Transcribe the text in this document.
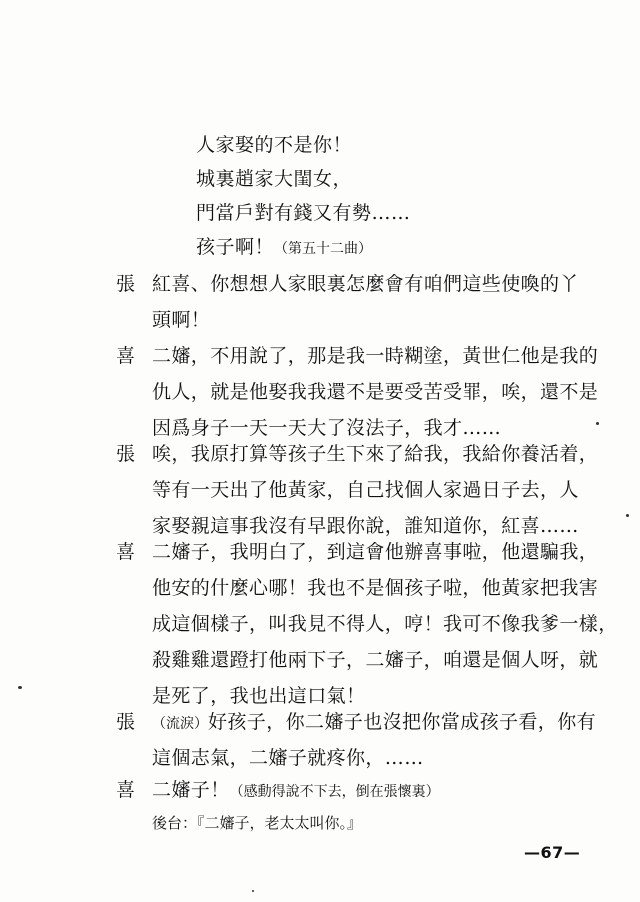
人家娶的不是你！
城裏趙家大閨女，
門當戶對有錢又有勢……
孩子啊！（第五十二曲）
張 紅喜、你想想人家眼裏怎麼會有咱們這些使喚的丫
頭啊！
喜 二嬸，不用說了，那是我一時糊塗，黃世仁他是我的
仇人，就是他娶我我還不是要受苦受罪，唉，還不是
因爲身子一天一天大了沒法子，我才……
張 唉，我原打算等孩子生下來了給我，我給你養活着，
等有一天出了他黃家，自己找個人家過日子去，人
家娶親這事我沒有早跟你說，誰知道你，紅喜……
喜 二嬸子，我明白了，到這會他辦喜事啦，他還騙我，
他安的什麼心哪！我也不是個孩子啦，他黃家把我害
成這個樣子，叫我見不得人，哼！我可不像我爹一樣，
殺雞雞還蹬打他兩下子，二嬸子，咱還是個人呀，就
是死了，我也出這口氣！
張	（流淚）好孩子，你二嬸子也沒把你當成孩子看，你有
這個志氣，二嬸子就疼你，……
喜 二嬸子！（感動得說不下去，倒在張懷裏）
後台：『二嬸子，老太太叫你。』
—67—
